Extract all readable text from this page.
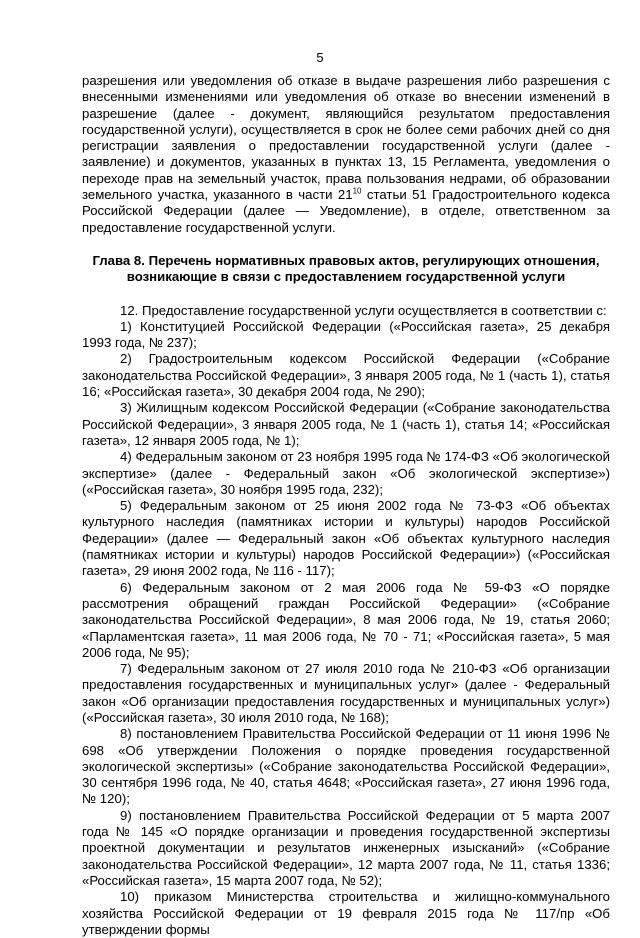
5

разрешения или уведомления об отказе в выдаче разрешения либо разрешения с внесенными изменениями или уведомления об отказе во внесении изменений в разрешение (далее - документ, являющийся результатом предоставления государственной услуги), осуществляется в срок не более семи рабочих дней со дня регистрации заявления о предоставлении государственной услуги (далее - заявление) и документов, указанных в пунктах 13, 15 Регламента, уведомления о переходе прав на земельный участок, права пользования недрами, об образовании земельного участка, указанного в части $21^{10}$ статьи 51 Градостроительного кодекса Российской Федерации (далее — Уведомление), в отделе, ответственном за предоставление государственной услуги.

Глава 8. Перечень нормативных правовых актов, регулирующих отношения, возникающие в связи с предоставлением государственной услуги

12. Предоставление государственной услуги осуществляется в соответствии с:

1) Конституцией Российской Федерации («Российская газета», 25 декабря 1993 года, № 237);

2) Градостроительным кодексом Российской Федерации («Собрание законодательства Российской Федерации», 3 января 2005 года, № 1 (часть 1), статья 16; «Российская газета», 30 декабря 2004 года, № 290);

3) Жилищным кодексом Российской Федерации («Собрание законодательства Российской Федерации», 3 января 2005 года, № 1 (часть 1), статья 14; «Российская газета», 12 января 2005 года, № 1);

4) Федеральным законом от 23 ноября 1995 года № 174-ФЗ «Об экологической экспертизе» (далее - Федеральный закон «Об экологической экспертизе») («Российская газета», 30 ноября 1995 года, 232);

5) Федеральным законом от 25 июня 2002 года № 73-ФЗ «Об объектах культурного наследия (памятниках истории и культуры) народов Российской Федерации» (далее — Федеральный закон «Об объектах культурного наследия (памятниках истории и культуры) народов Российской Федерации») («Российская газета», 29 июня 2002 года, № 116 - 117);

6) Федеральным законом от 2 мая 2006 года № 59-ФЗ «О порядке рассмотрения обращений граждан Российской Федерации» («Собрание законодательства Российской Федерации», 8 мая 2006 года, № 19, статья 2060; «Парламентская газета», 11 мая 2006 года, № 70 - 71; «Российская газета», 5 мая 2006 года, № 95);

7) Федеральным законом от 27 июля 2010 года № 210-ФЗ «Об организации предоставления государственных и муниципальных услуг» (далее - Федеральный закон «Об организации предоставления государственных и муниципальных услуг») («Российская газета», 30 июля 2010 года, № 168);

8) постановлением Правительства Российской Федерации от 11 июня 1996 № 698 «Об утверждении Положения о порядке проведения государственной экологической экспертизы» («Собрание законодательства Российской Федерации», 30 сентября 1996 года, № 40, статья 4648; «Российская газета», 27 июня 1996 года, № 120);

9) постановлением Правительства Российской Федерации от 5 марта 2007 года № 145 «О порядке организации и проведения государственной экспертизы проектной документации и результатов инженерных изысканий» («Собрание законодательства Российской Федерации», 12 марта 2007 года, № 11, статья 1336; «Российская газета», 15 марта 2007 года, № 52);

10) приказом Министерства строительства и жилищно-коммунального хозяйства Российской Федерации от 19 февраля 2015 года № 117/пр «Об утверждении формы
